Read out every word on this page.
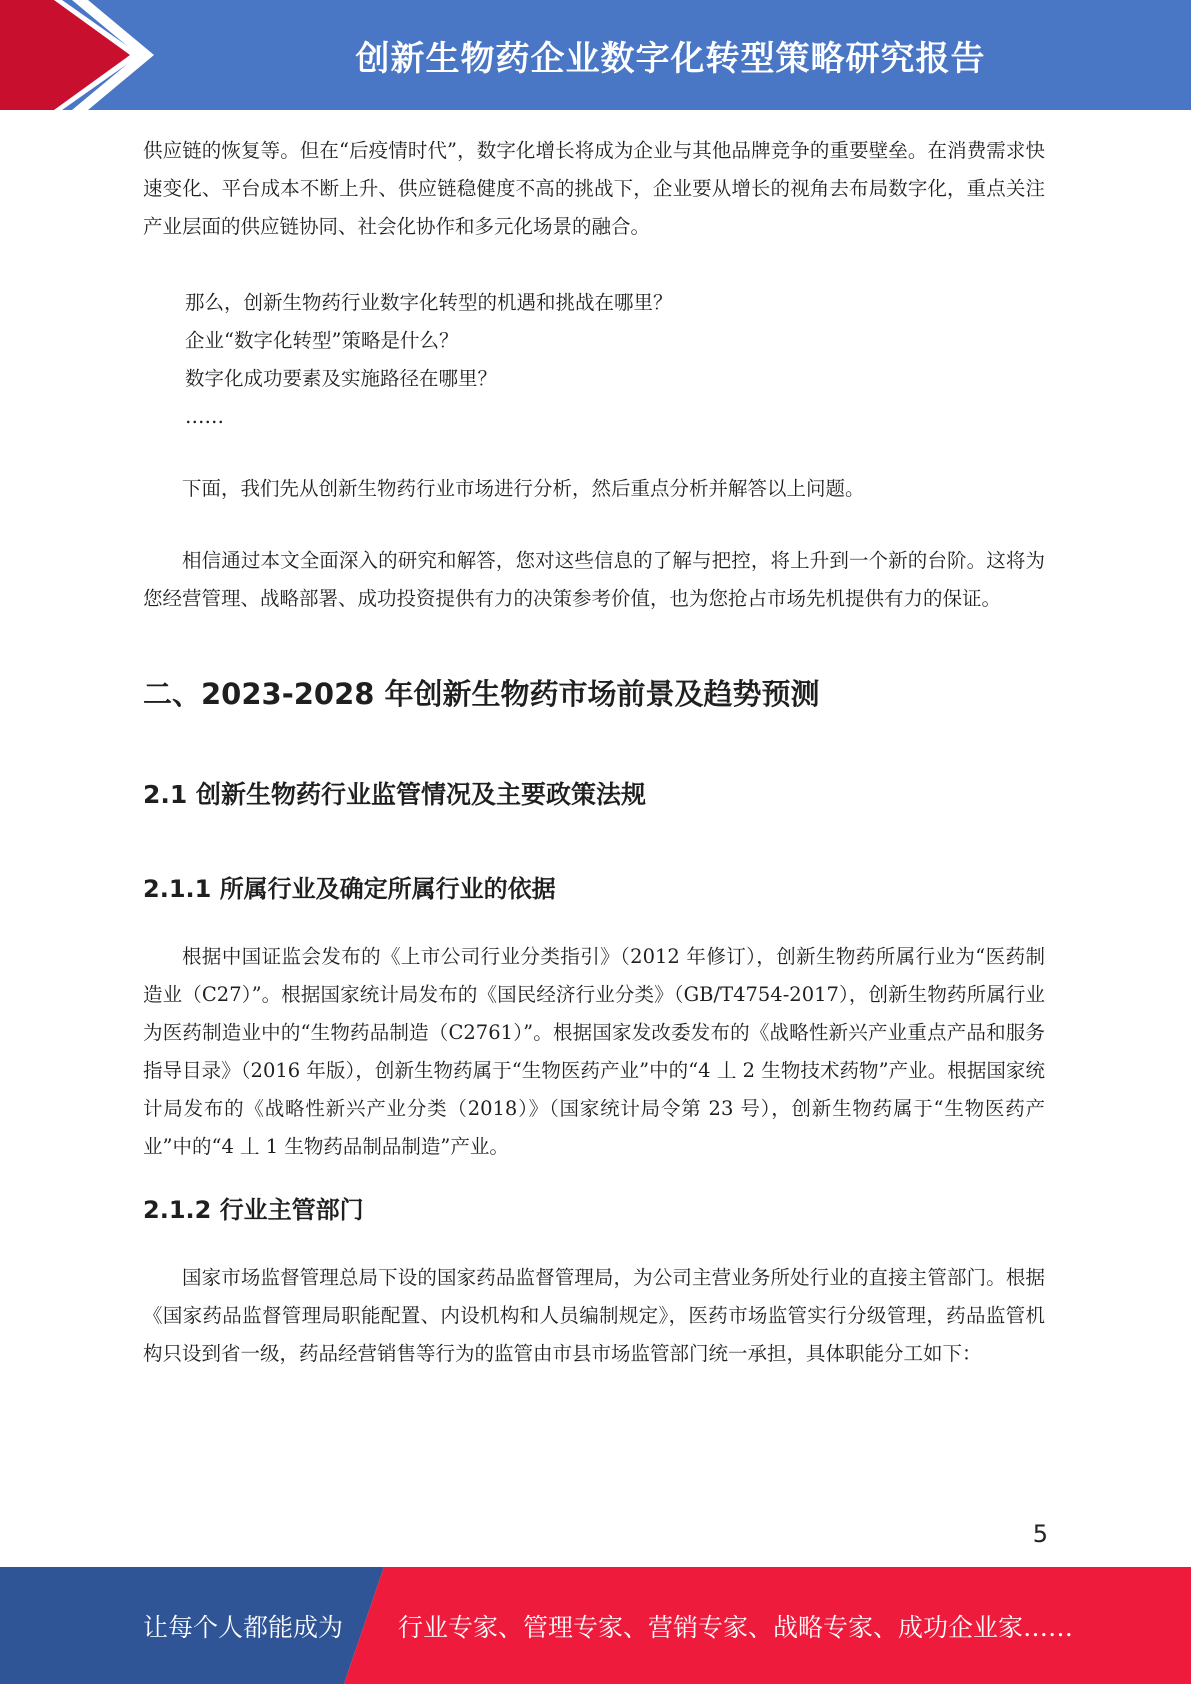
创新生物药企业数字化转型策略研究报告

供应链的恢复等。但在“后疫情时代”，数字化增长将成为企业与其他品牌竞争的重要壁垒。在消费需求快速变化、平台成本不断上升、供应链稳健度不高的挑战下，企业要从增长的视角去布局数字化，重点关注产业层面的供应链协同、社会化协作和多元化场景的融合。

那么，创新生物药行业数字化转型的机遇和挑战在哪里？

企业“数字化转型”策略是什么？

数字化成功要素及实施路径在哪里？

……

下面，我们先从创新生物药行业市场进行分析，然后重点分析并解答以上问题。

相信通过本文全面深入的研究和解答，您对这些信息的了解与把控，将上升到一个新的台阶。这将为您经营管理、战略部署、成功投资提供有力的决策参考价值，也为您抢占市场先机提供有力的保证。

二、2023-2028 年创新生物药市场前景及趋势预测
2.1 创新生物药行业监管情况及主要政策法规
2.1.1 所属行业及确定所属行业的依据

根据中国证监会发布的《上市公司行业分类指引》（2012 年修订），创新生物药所属行业为“医药制造业（C27）”。根据国家统计局发布的《国民经济行业分类》（GB/T4754-2017），创新生物药所属行业为医药制造业中的“生物药品制造（C2761）”。根据国家发改委发布的《战略性新兴产业重点产品和服务指导目录》（2016 年版），创新生物药属于“生物医药产业”中的“4 丄 2 生物技术药物”产业。根据国家统计局发布的《战略性新兴产业分类（2018）》（国家统计局令第 23 号），创新生物药属于“生物医药产业”中的“4 丄 1 生物药品制品制造”产业。

2.1.2 行业主管部门

国家市场监督管理总局下设的国家药品监督管理局，为公司主营业务所处行业的直接主管部门。根据《国家药品监督管理局职能配置、内设机构和人员编制规定》，医药市场监管实行分级管理，药品监管机构只设到省一级，药品经营销售等行为的监管由市县市场监管部门统一承担，具体职能分工如下：

5
让每个人都能成为 行业专家、管理专家、营销专家、战略专家、成功企业家……
